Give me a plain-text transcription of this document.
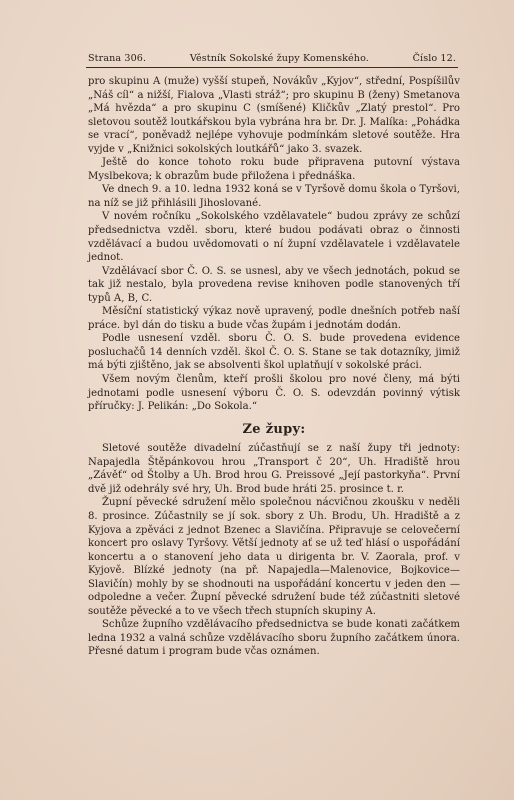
Strana 306.	Věstník Sokolské župy Komenského.	Číslo 12.

pro skupinu A (muže) vyšší stupeň, Novákův „Kyjov“, střední, Pospíšilův „Náš cíl“ a nižší, Fialova „Vlasti stráž“; pro skupinu B (ženy) Smetanova „Má hvězda“ a pro skupinu C (smíšené) Kličkův „Zlatý prestol“. Pro sletovou soutěž loutkářskou byla vybrána hra br. Dr. J. Malíka: „Pohádka se vrací“, poněvadž nejlépe vyhovuje podmínkám sletové soutěže. Hra vyjde v „Knižnici sokolských loutkářů“ jako 3. svazek.

Ještě do konce tohoto roku bude připravena putovní výstava Myslbekova; k obrazům bude přiložena i přednáška.

Ve dnech 9. a 10. ledna 1932 koná se v Tyršově domu škola o Tyršovi, na níž se již přihlásili Jihoslované.

V novém ročníku „Sokolského vzdělavatele“ budou zprávy ze schůzí předsednictva vzděl. sboru, které budou podávati obraz o činnosti vzdělávací a budou uvědomovati o ní župní vzdělavatele i vzdělavatele jednot.

Vzdělávací sbor Č. O. S. se usnesl, aby ve všech jednotách, pokud se tak již nestalo, byla provedena revise knihoven podle stanovených tří typů A, B, C.

Měsíční statistický výkaz nově upravený, podle dnešních potřeb naší práce. byl dán do tisku a bude včas župám i jednotám dodán.

Podle usnesení vzděl. sboru Č. O. S. bude provedena evidence posluchačů 14 denních vzděl. škol Č. O. S. Stane se tak dotazníky, jimiž má býti zjištěno, jak se absolventi škol uplatňují v sokolské práci.

Všem novým členům, kteří prošli školou pro nové členy, má býti jednotami podle usnesení výboru Č. O. S. odevzdán povinný výtisk příručky: J. Pelikán: „Do Sokola.“

Ze župy:

Sletové soutěže divadelní zúčastňují se z naší župy tři jednoty: Napajedla Štěpánkovou hrou „Transport č 20“, Uh. Hradiště hrou „Závěť“ od Štolby a Uh. Brod hrou G. Preissové „Její pastorkyňa“. První dvě již odehrály své hry, Uh. Brod bude hráti 25. prosince t. r.

Župní pěvecké sdružení mělo společnou nácvičnou zkoušku v neděli 8. prosince. Zúčastnily se jí sok. sbory z Uh. Brodu, Uh. Hradiště a z Kyjova a zpěváci z jednot Bzenec a Slavičína. Připravuje se celovečerní koncert pro oslavy Tyršovy. Větší jednoty ať se už teď hlásí o uspořádání koncertu a o stanovení jeho data u dirigenta br. V. Zaorala, prof. v Kyjově. Blízké jednoty (na př. Napajedla—Malenovice, Bojkovice—Slavičín) mohly by se shodnouti na uspořádání koncertu v jeden den — odpoledne a večer. Župní pěvecké sdružení bude též zúčastniti sletové soutěže pěvecké a to ve všech třech stupních skupiny A.

Schůze župního vzdělávacího předsednictva se bude konati začátkem ledna 1932 a valná schůze vzdělávacího sboru župního začátkem února. Přesné datum i program bude včas oznámen.
